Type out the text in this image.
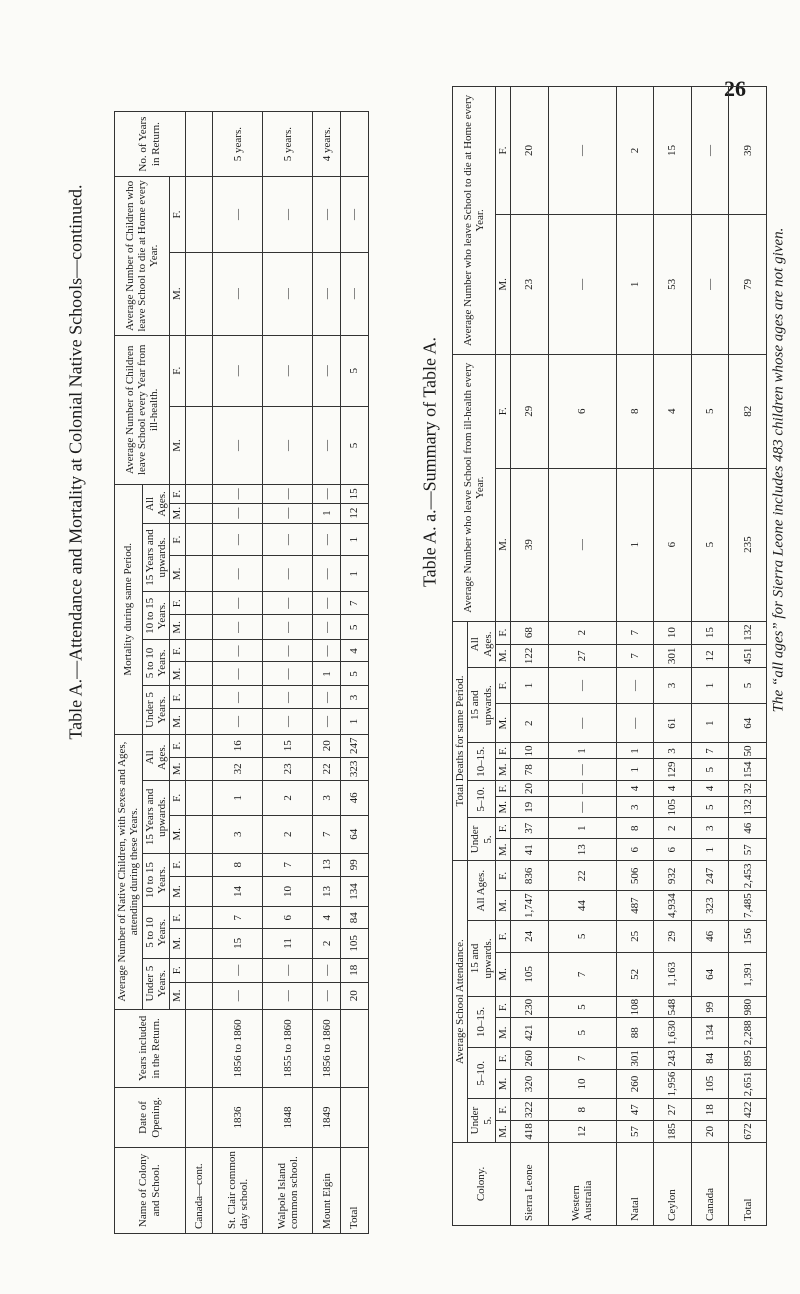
26
Table A.—Attendance and Mortality at Colonial Native Schools—continued.	Table A. a.—Summary of Table A.	The “all ages” for Sierra Leone includes 483 children whose ages are not given.
Name of Colony and School.	Date of Opening.	Years included in the Return.	Average Number of Native Children, with Sexes and Ages, attending during these Years.										Mortality during same Period.										Average Number of Children leave School every Year from ill-health.		Average Number of Children who leave School to die at Home every Year.		No. of Years in Return.
			Under 5 Years.		5 to 10 Years.		10 to 15 Years.		15 Years and upwards.		All Ages.		Under 5 Years.		5 to 10 Years.		10 to 15 Years.		15 Years and upwards.		All Ages.						
			M.	F.	M.	F.	M.	F.	M.	F.	M.	F.	M.	F.	M.	F.	M.	F.	M.	F.	M.	F.	M.	F.	M.	F.	
Canada—cont.																											
St. Clair common day school.	1836	1856 to 1860	—	—	15	7	14	8	3	1	32	16	—	—	—	—	—	—	—	—	—	—	—	—	—	—	5 years.
Walpole Island common school.	1848	1855 to 1860	—	—	11	6	10	7	2	2	23	15	—	—	—	—	—	—	—	—	—	—	—	—	—	—	5 years.
Mount Elgin	1849	1856 to 1860	—	—	2	4	13	13	7	3	22	20	—	—	1	—	—	—	—	—	1	—	—	—	—	—	4 years.
Total			20	18	105	84	134	99	64	46	323	247	1	3	5	4	5	7	1	1	12	15	5	5	—	—	
Colony.	Average School Attendance.										Total Deaths for same Period.										Average Number who leave School from ill-health every Year.		Average Number who leave School to die at Home every Year.	
	Under 5.		5–10.		10–15.		15 and upwards.		All Ages.		Under 5.		5–10.		10–15.		15 and upwards.		All Ages.					
	M.	F.	M.	F.	M.	F.	M.	F.	M.	F.	M.	F.	M.	F.	M.	F.	M.	F.	M.	F.	M.	F.	M.	F.
Sierra Leone	418	322	320	260	421	230	105	24	1,747	836	41	37	19	20	78	10	2	1	122	68	39	29	23	20
Western Australia	12	8	10	7	5	5	7	5	44	22	13	1	—	—	—	1	—	—	27	2	—	6	—	—
Natal	57	47	260	301	88	108	52	25	487	506	6	8	3	4	1	1	—	—	7	7	1	8	1	2
Ceylon	185	27	1,956	243	1,630	548	1,163	29	4,934	932	6	2	105	4	129	3	61	3	301	10	6	4	53	15
Canada	20	18	105	84	134	99	64	46	323	247	1	3	5	4	5	7	1	1	12	15	5	5	—	—
Total	672	422	2,651	895	2,288	980	1,391	156	7,485	2,453	57	46	132	32	154	50	64	5	451	132	235	82	79	39
